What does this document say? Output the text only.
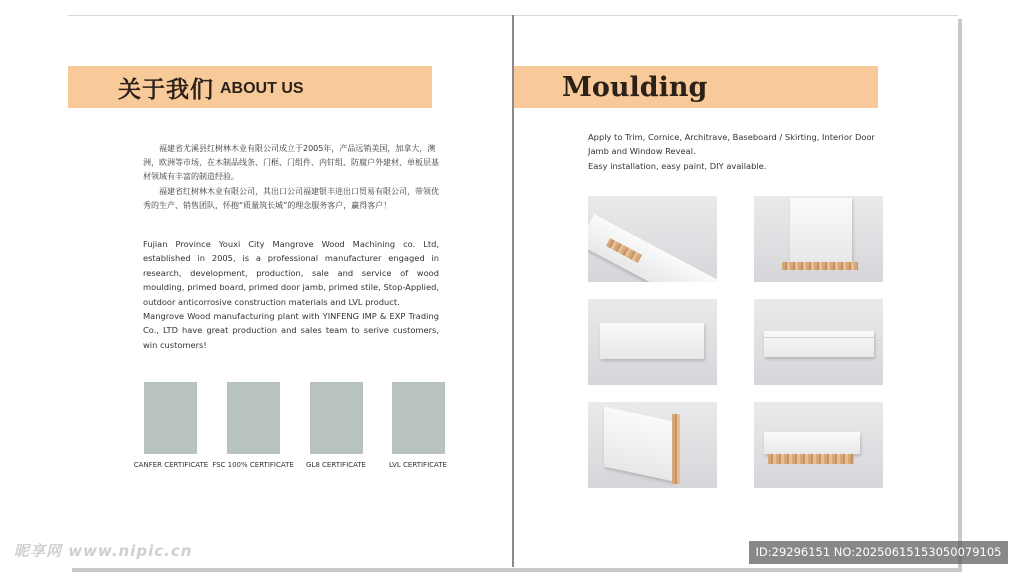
关于我们 ABOUT US
福建省尤溪县红树林木业有限公司成立于2005年，产品远销美国，加拿大，澳洲，欧洲等市场，在木制品线条、门框、门组件、内钉组、防腐户外建材、单板层基材领域有丰富的制造经验。
福建省红树林木业有限公司，其出口公司福建银丰进出口贸易有限公司，带领优秀的生产、销售团队，怀抱“质量筑长城”的理念服务客户，赢得客户！
Fujian Province Youxi City Mangrove Wood Machining co. Ltd, established in 2005, is a professional manufacturer engaged in research, development, production, sale and service of wood moulding, primed board, primed door jamb, primed stile, Stop-Applied, outdoor anticorrosive construction materials and LVL product.
Mangrove Wood manufacturing plant with YINFENG IMP & EXP Trading Co., LTD have great production and sales team to serive customers, win customers!
CANFER CERTIFICATE FSC 100% CERTIFICATE	GL8 CERTIFICATE	LVL CERTIFICATE
Moulding
Apply to Trim, Cornice, Architrave, Baseboard / Skirting, Interior Door Jamb and Window Reveal.
Easy installation, easy paint, DIY available.
昵享网 www.nipic.cn	ID:29296151 NO:20250615153050079105
